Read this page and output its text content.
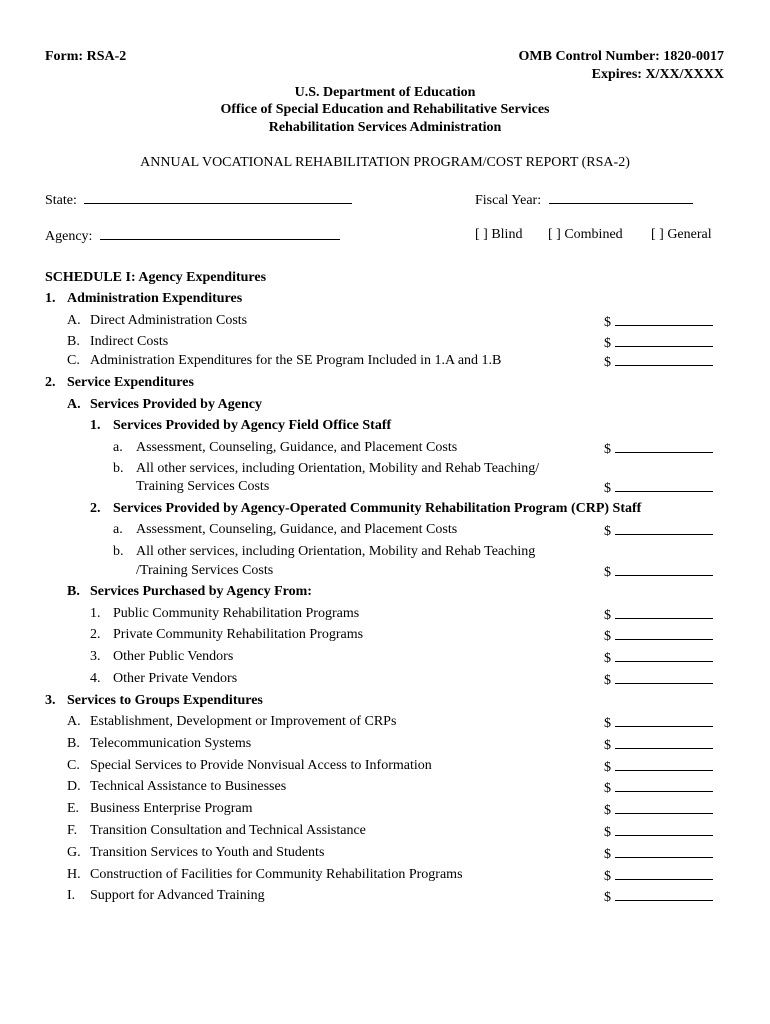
Form: RSA-2	OMB Control Number: 1820-0017
Expires: X/XX/XXXX
U.S. Department of Education
Office of Special Education and Rehabilitative Services
Rehabilitation Services Administration
ANNUAL VOCATIONAL REHABILITATION PROGRAM/COST REPORT (RSA-2)
State:	Fiscal Year:
Agency:	[ ] Blind [ ] Combined [ ] General
SCHEDULE I: Agency Expenditures
1. Administration Expenditures
A. Direct Administration Costs	$
B. Indirect Costs	$
C. Administration Expenditures for the SE Program Included in 1.A and 1.B	$
2. Service Expenditures
A. Services Provided by Agency
1. Services Provided by Agency Field Office Staff
a. Assessment, Counseling, Guidance, and Placement Costs	$
b. All other services, including Orientation, Mobility and Rehab Teaching/
Training Services Costs	$
2. Services Provided by Agency-Operated Community Rehabilitation Program (CRP) Staff
a. Assessment, Counseling, Guidance, and Placement Costs	$
b. All other services, including Orientation, Mobility and Rehab Teaching
/Training Services Costs	$
B. Services Purchased by Agency From:
1. Public Community Rehabilitation Programs	$
2. Private Community Rehabilitation Programs	$
3. Other Public Vendors	$
4. Other Private Vendors	$
3. Services to Groups Expenditures
A. Establishment, Development or Improvement of CRPs	$
B. Telecommunication Systems	$
C. Special Services to Provide Nonvisual Access to Information	$
D. Technical Assistance to Businesses	$
E. Business Enterprise Program	$
F. Transition Consultation and Technical Assistance	$
G. Transition Services to Youth and Students	$
H. Construction of Facilities for Community Rehabilitation Programs	$
I. Support for Advanced Training	$
